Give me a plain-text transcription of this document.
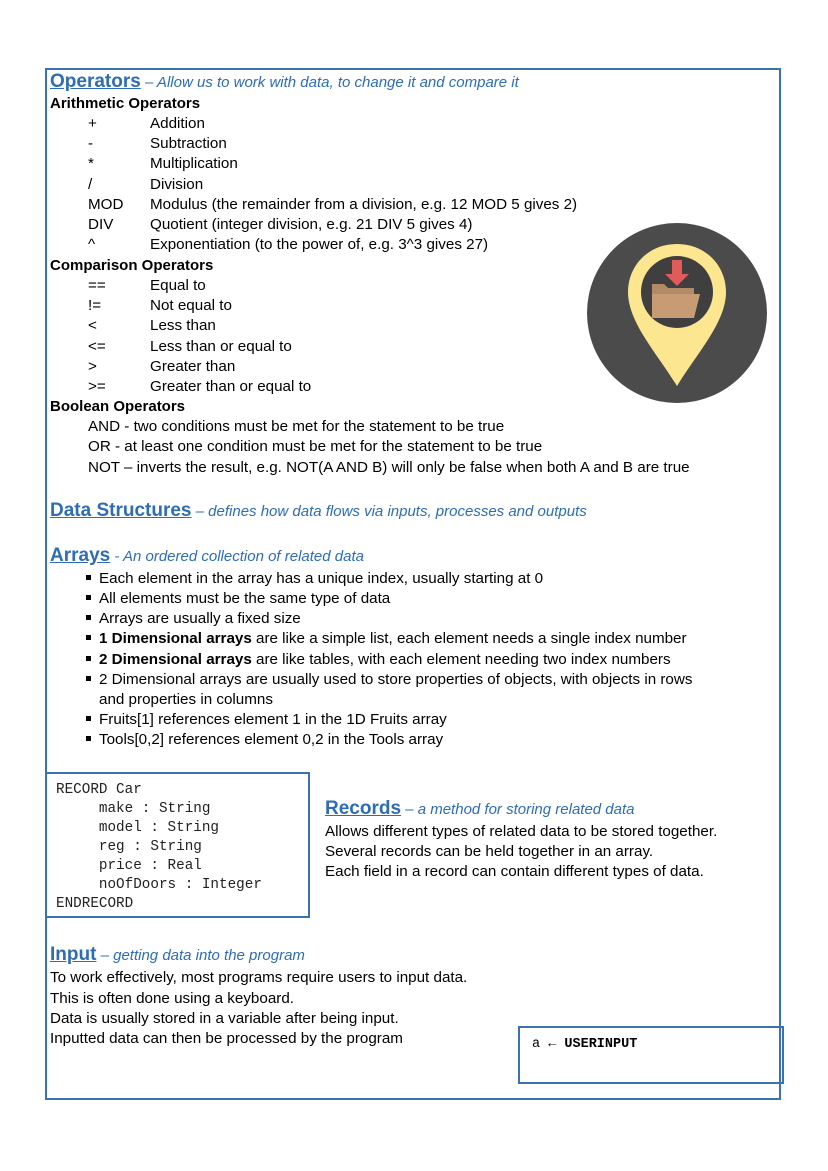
Operators – Allow us to work with data, to change it and compare it
Arithmetic Operators
+	Addition
-	Subtraction
*	Multiplication
/	Division
MOD Modulus (the remainder from a division, e.g. 12 MOD 5 gives 2)
DIV Quotient (integer division, e.g. 21 DIV 5 gives 4)
^	Exponentiation (to the power of, e.g. 3^3 gives 27)
Comparison Operators
==	Equal to
!=	Not equal to
<	Less than
<=	Less than or equal to
>	Greater than
>=	Greater than or equal to
Boolean Operators
AND - two conditions must be met for the statement to be true
OR - at least one condition must be met for the statement to be true
NOT – inverts the result, e.g. NOT(A AND B) will only be false when both A and B are true
Data Structures – defines how data flows via inputs, processes and outputs
Arrays - An ordered collection of related data
Each element in the array has a unique index, usually starting at 0
All elements must be the same type of data
Arrays are usually a fixed size
1 Dimensional arrays are like a simple list, each element needs a single index number
2 Dimensional arrays are like tables, with each element needing two index numbers
2 Dimensional arrays are usually used to store properties of objects, with objects in rows
Fruits[1] references element 1 in the 1D Fruits array
Tools[0,2] references element 0,2 in the Tools array
and properties in columns
RECORD Car
make : String
model : String
reg : String
price : Real
noOfDoors : Integer
ENDRECORD
Records – a method for storing related data
Allows different types of related data to be stored together.
Several records can be held together in an array.
Each field in a record can contain different types of data.
Input – getting data into the program
To work effectively, most programs require users to input data.
This is often done using a keyboard.
Data is usually stored in a variable after being input.
Inputted data can then be processed by the program	a ← USERINPUT
